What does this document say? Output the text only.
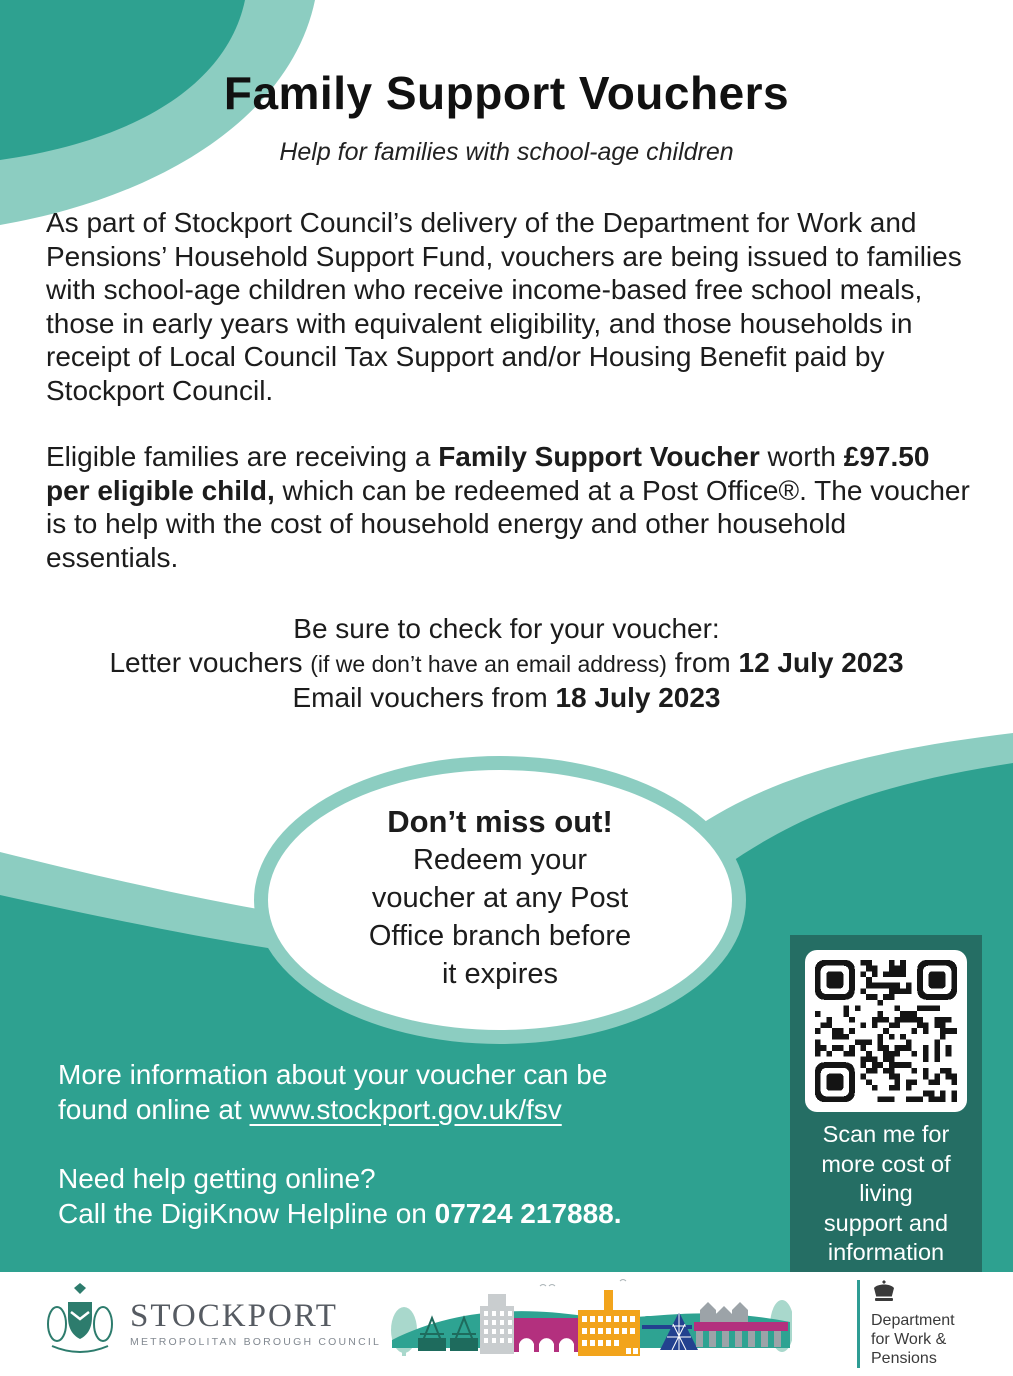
Family Support Vouchers
Help for families with school-age children
As part of Stockport Council’s delivery of the Department for Work and Pensions’ Household Support Fund, vouchers are being issued to families with school-age children who receive income-based free school meals, those in early years with equivalent eligibility, and those households in receipt of Local Council Tax Support and/or Housing Benefit paid by Stockport Council.
Eligible families are receiving a Family Support Voucher worth £97.50 per eligible child, which can be redeemed at a Post Office®. The voucher is to help with the cost of household energy and other household essentials.
Be sure to check for your voucher:
Letter vouchers (if we don’t have an email address) from 12 July 2023
Email vouchers from 18 July 2023
Don’t miss out!
Redeem your
voucher at any Post
Office branch before
it expires
More information about your voucher can be
found online at www.stockport.gov.uk/fsv
Need help getting online?
Call the DigiKnow Helpline on 07724 217888.
Scan me for
more cost of
living
support and
information
STOCKPORT
METROPOLITAN BOROUGH COUNCIL
Department
for Work &
Pensions
